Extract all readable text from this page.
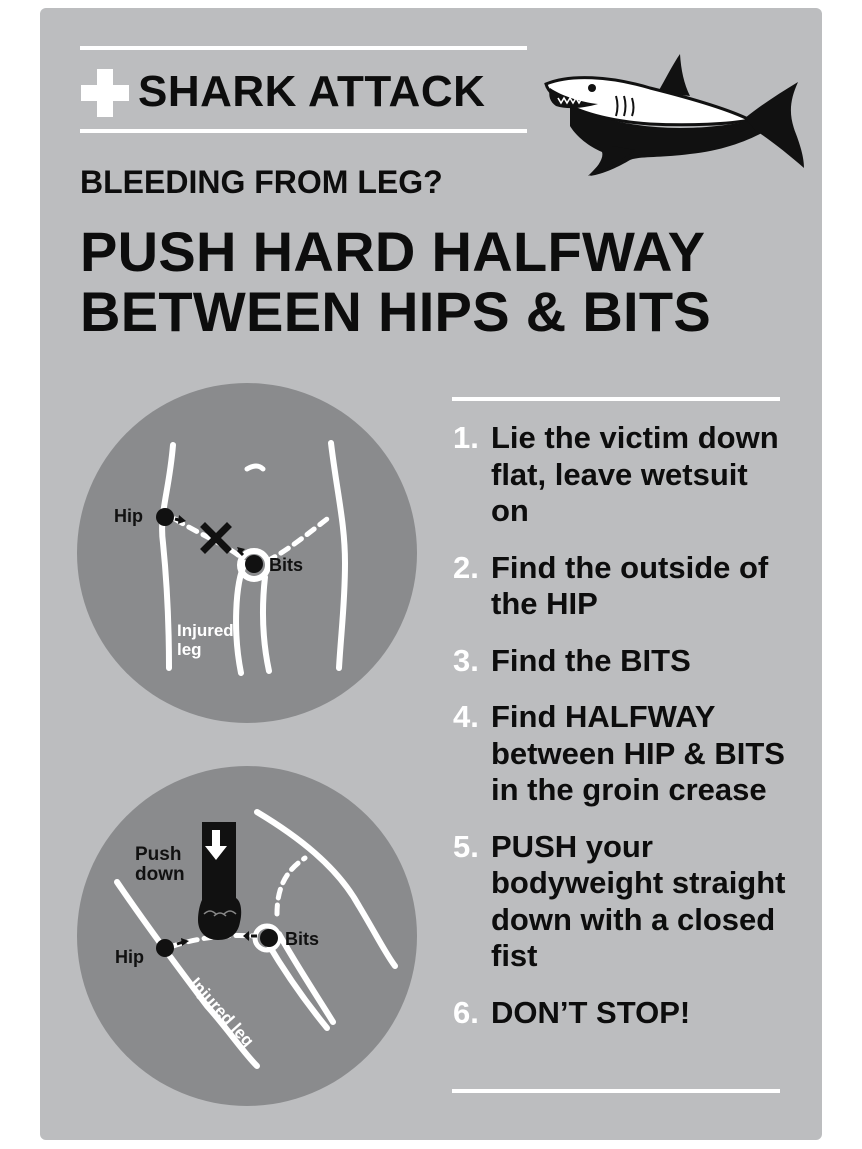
SHARK ATTACK

BLEEDING FROM LEG?

PUSH HARD HALFWAY

BETWEEN HIPS & BITS

Hip
Bits
Injured
leg
Push
down
Hip
Bits
Injured leg
1. Lie the victim down flat, leave wetsuit on
2. Find the outside of the HIP
3. Find the BITS
4. Find HALFWAY between HIP & BITS in the groin crease
5. PUSH your bodyweight straight down with a closed fist
6. DON’T STOP!
